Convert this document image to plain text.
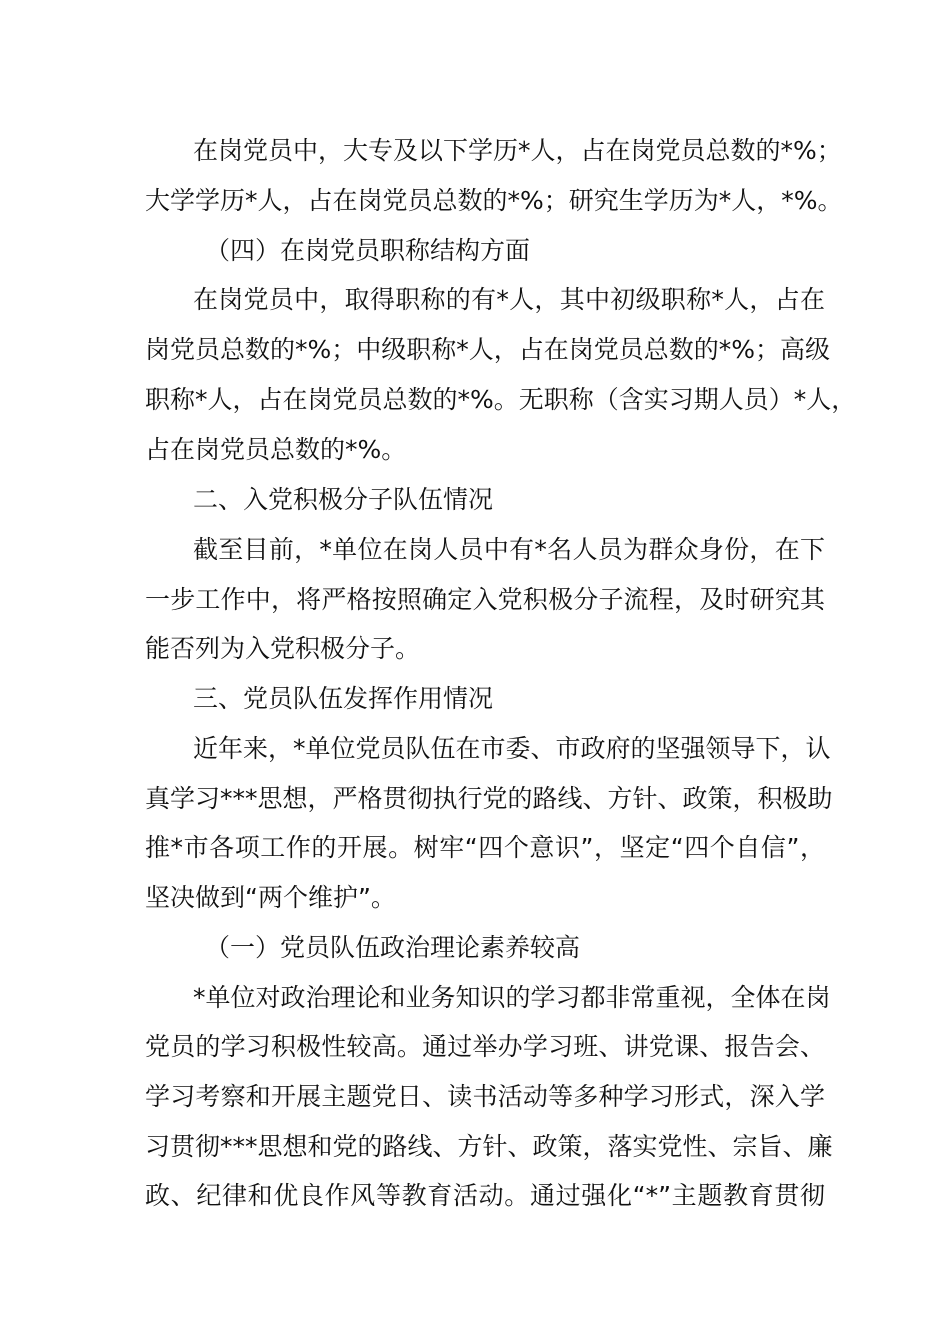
在岗党员中，大专及以下学历*人，占在岗党员总数的*%；
大学学历*人，占在岗党员总数的*%；研究生学历为*人，*%。
（四）在岗党员职称结构方面
在岗党员中，取得职称的有*人，其中初级职称*人，占在
岗党员总数的*%；中级职称*人，占在岗党员总数的*%；高级
职称*人，占在岗党员总数的*%。无职称（含实习期人员）*人，
占在岗党员总数的*%。
二、入党积极分子队伍情况
截至目前，*单位在岗人员中有*名人员为群众身份，在下
一步工作中，将严格按照确定入党积极分子流程，及时研究其
能否列为入党积极分子。
三、党员队伍发挥作用情况
近年来，*单位党员队伍在市委、市政府的坚强领导下，认
真学习***思想，严格贯彻执行党的路线、方针、政策，积极助
推*市各项工作的开展。树牢“四个意识”，坚定“四个自信”，
坚决做到“两个维护”。
（一）党员队伍政治理论素养较高
*单位对政治理论和业务知识的学习都非常重视，全体在岗
党员的学习积极性较高。通过举办学习班、讲党课、报告会、
学习考察和开展主题党日、读书活动等多种学习形式，深入学
习贯彻***思想和党的路线、方针、政策，落实党性、宗旨、廉
政、纪律和优良作风等教育活动。通过强化“*”主题教育贯彻
